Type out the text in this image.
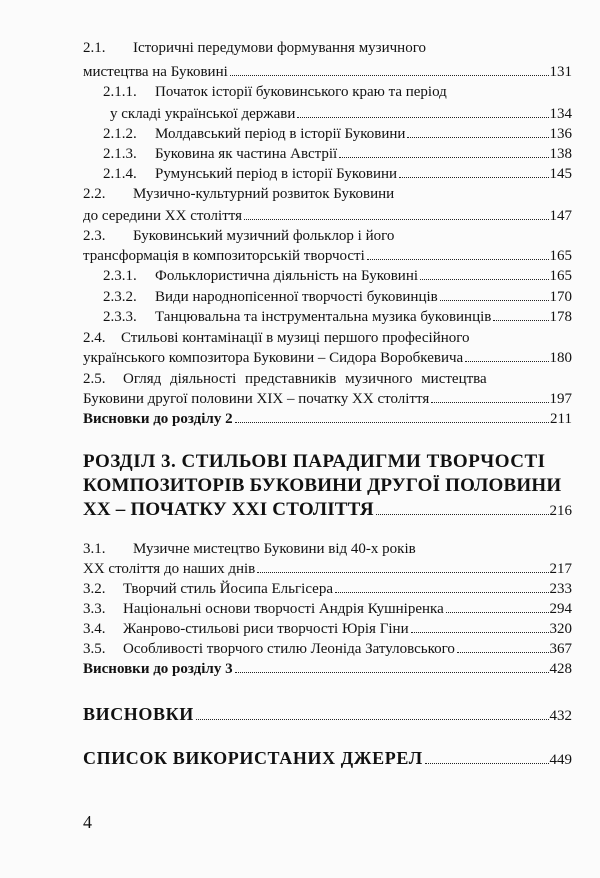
2.1. Історичні передумови формування музичного
мистецтва на Буковині	131
2.1.1. Початок історії буковинського краю та період
у складі української держави	134
2.1.2. Молдавський період в історії Буковини	136
2.1.3. Буковина як частина Австрії	138
2.1.4. Румунський період в історії Буковини	145
2.2. Музично-культурний розвиток Буковини
до середини ХХ століття	147
2.3. Буковинський музичний фольклор і його
трансформація в композиторській творчості	165
2.3.1. Фольклористична діяльність на Буковині	165
2.3.2. Види народнопісенної творчості буковинців	170
2.3.3. Танцювальна та інструментальна музика буковинців	178
2.4. Стильові контамінації в музиці першого професійного
українського композитора Буковини – Сидора Воробкевича	180
2.5. Огляд діяльності представників музичного мистецтва
Буковини другої половини ХІХ – початку ХХ століття	197
Висновки до розділу 2	211
РОЗДІЛ 3. СТИЛЬОВІ ПАРАДИГМИ ТВОРЧОСТІ
КОМПОЗИТОРІВ БУКОВИНИ ДРУГОЇ ПОЛОВИНИ
ХХ – ПОЧАТКУ ХХІ СТОЛІТТЯ	216
3.1. Музичне мистецтво Буковини від 40-х років
ХХ століття до наших днів	217
3.2. Творчий стиль Йосипа Ельгісера	233
3.3. Національні основи творчості Андрія Кушніренка	294
3.4. Жанрово-стильові риси творчості Юрія Гіни	320
3.5. Особливості творчого стилю Леоніда Затуловського	367
Висновки до розділу 3	428
ВИСНОВКИ	432
СПИСОК ВИКОРИСТАНИХ ДЖЕРЕЛ	449
4
